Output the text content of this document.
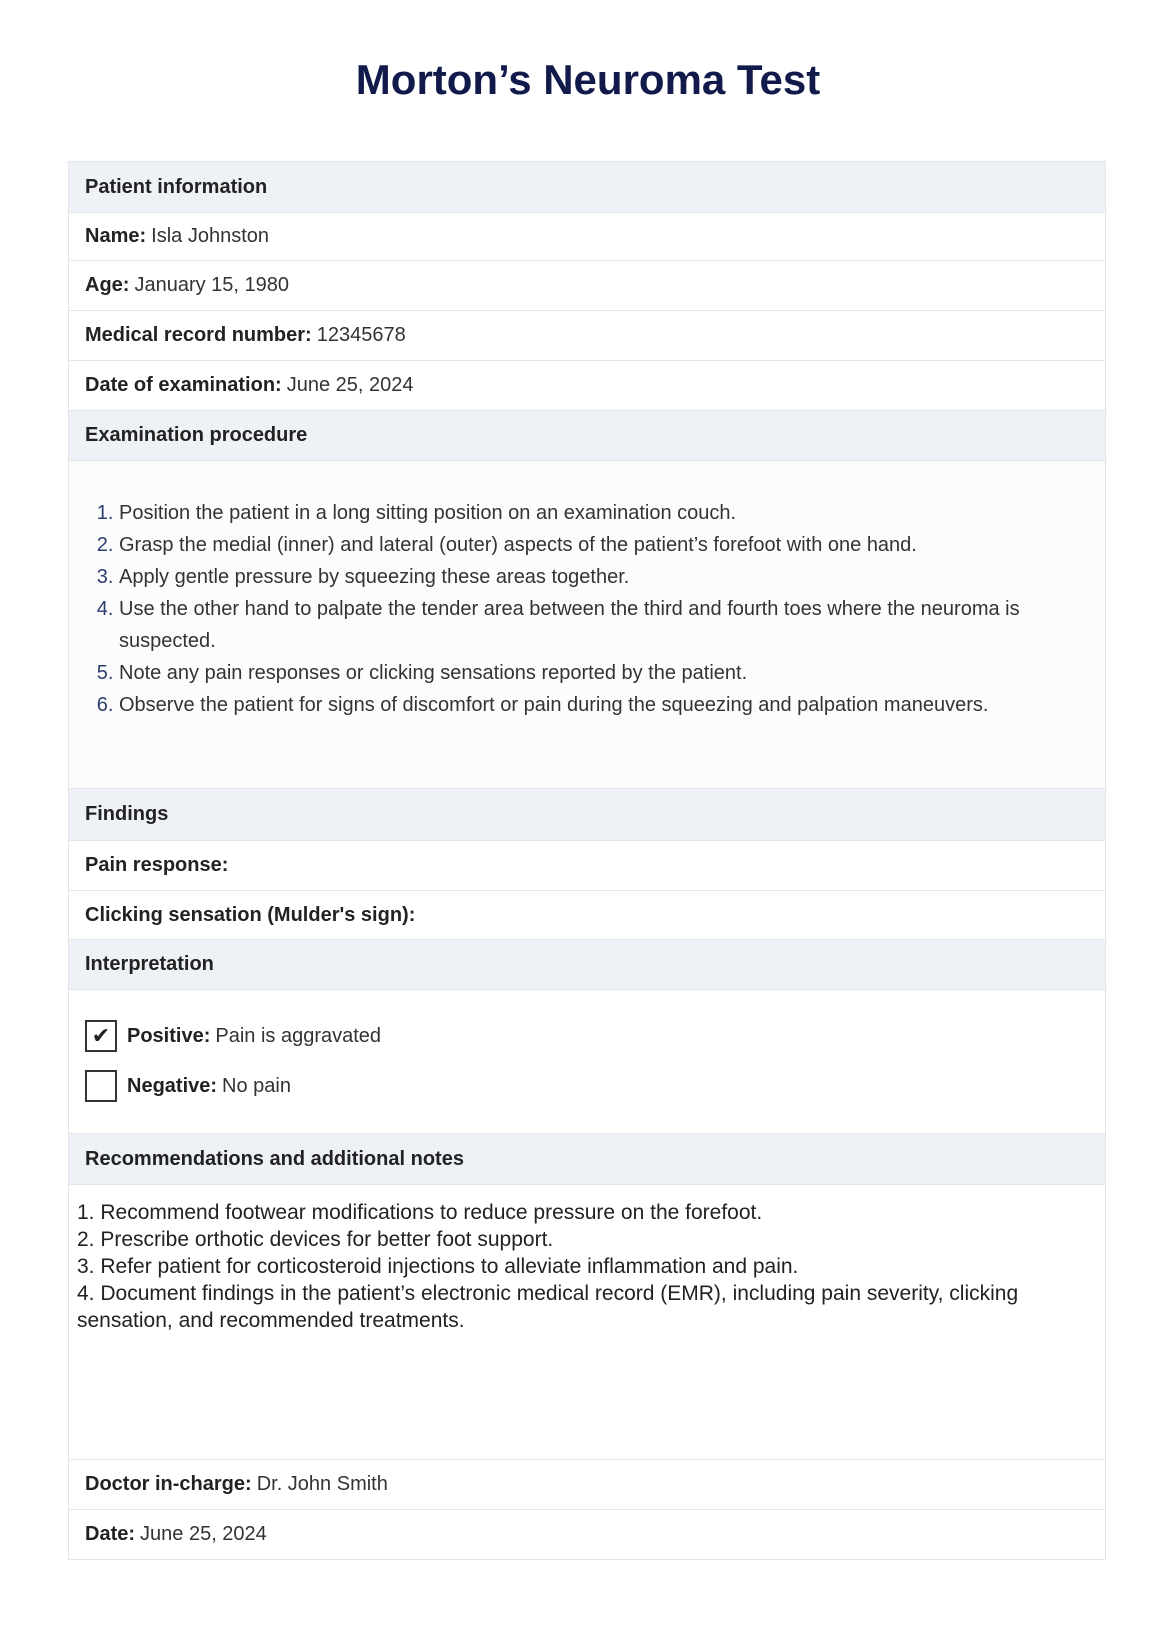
Morton’s Neuroma Test
Patient information
Name: Isla Johnston
Age: January 15, 1980
Medical record number: 12345678
Date of examination: June 25, 2024
Examination procedure
1. Position the patient in a long sitting position on an examination couch.
2. Grasp the medial (inner) and lateral (outer) aspects of the patient’s forefoot with one hand.
3. Apply gentle pressure by squeezing these areas together.
4. Use the other hand to palpate the tender area between the third and fourth toes where the neuroma is suspected.
5. Note any pain responses or clicking sensations reported by the patient.
6. Observe the patient for signs of discomfort or pain during the squeezing and palpation maneuvers.
Findings
Pain response:
Clicking sensation (Mulder's sign):
Interpretation
✔ Positive: Pain is aggravated
Negative: No pain
Recommendations and additional notes
1. Recommend footwear modifications to reduce pressure on the forefoot.
2. Prescribe orthotic devices for better foot support.
3. Refer patient for corticosteroid injections to alleviate inflammation and pain.
4. Document findings in the patient’s electronic medical record (EMR), including pain severity, clicking sensation, and recommended treatments.
Doctor in-charge: Dr. John Smith
Date: June 25, 2024
